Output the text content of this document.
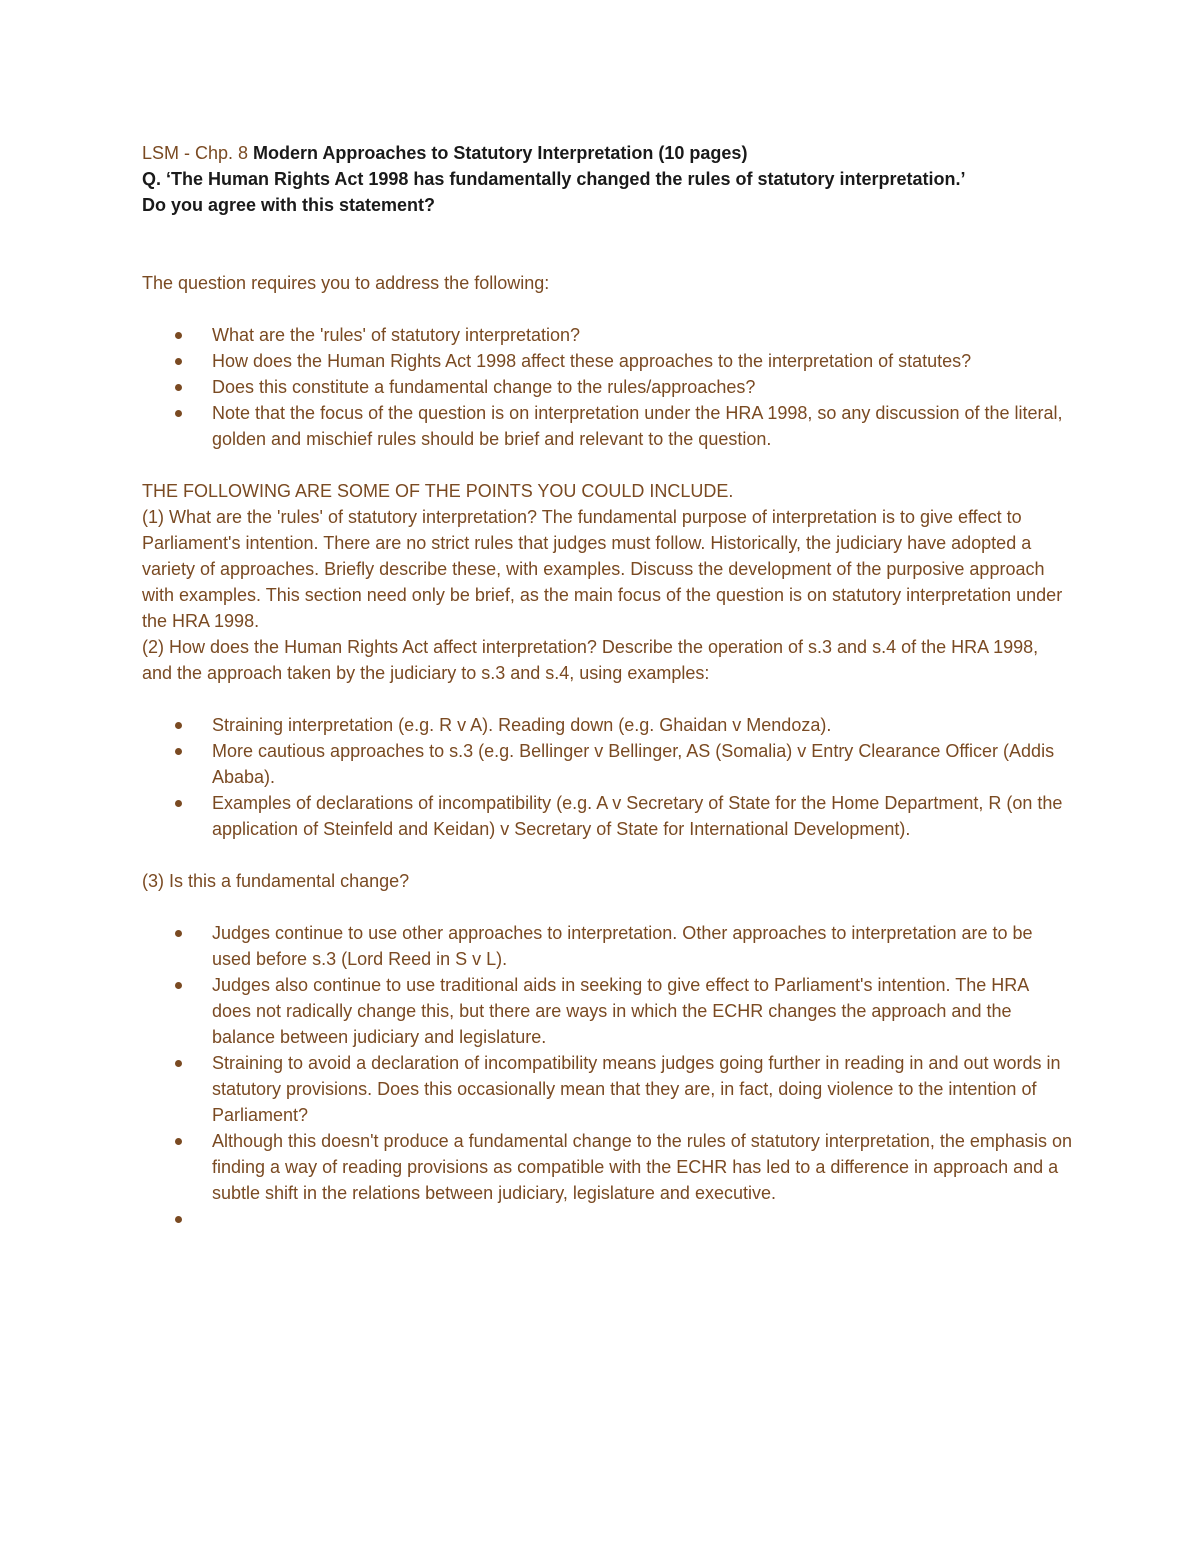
LSM - Chp. 8 Modern Approaches to Statutory Interpretation (10 pages)

Q. ‘The Human Rights Act 1998 has fundamentally changed the rules of statutory interpretation.’

Do you agree with this statement?

The question requires you to address the following:

What are the 'rules' of statutory interpretation?
How does the Human Rights Act 1998 affect these approaches to the interpretation of statutes?
Does this constitute a fundamental change to the rules/approaches?
Note that the focus of the question is on interpretation under the HRA 1998, so any discussion of the literal, golden and mischief rules should be brief and relevant to the question.

THE FOLLOWING ARE SOME OF THE POINTS YOU COULD INCLUDE.

(1) What are the 'rules' of statutory interpretation? The fundamental purpose of interpretation is to give effect to Parliament's intention. There are no strict rules that judges must follow. Historically, the judiciary have adopted a variety of approaches. Briefly describe these, with examples. Discuss the development of the purposive approach with examples. This section need only be brief, as the main focus of the question is on statutory interpretation under the HRA 1998.

(2) How does the Human Rights Act affect interpretation? Describe the operation of s.3 and s.4 of the HRA 1998, and the approach taken by the judiciary to s.3 and s.4, using examples:

Straining interpretation (e.g. R v A). Reading down (e.g. Ghaidan v Mendoza).
More cautious approaches to s.3 (e.g. Bellinger v Bellinger, AS (Somalia) v Entry Clearance Officer (Addis Ababa).
Examples of declarations of incompatibility (e.g. A v Secretary of State for the Home Department, R (on the application of Steinfeld and Keidan) v Secretary of State for International Development).

(3) Is this a fundamental change?

Judges continue to use other approaches to interpretation. Other approaches to interpretation are to be used before s.3 (Lord Reed in S v L).
Judges also continue to use traditional aids in seeking to give effect to Parliament's intention. The HRA does not radically change this, but there are ways in which the ECHR changes the approach and the balance between judiciary and legislature.
Straining to avoid a declaration of incompatibility means judges going further in reading in and out words in statutory provisions. Does this occasionally mean that they are, in fact, doing violence to the intention of Parliament?
Although this doesn't produce a fundamental change to the rules of statutory interpretation, the emphasis on finding a way of reading provisions as compatible with the ECHR has led to a difference in approach and a subtle shift in the relations between judiciary, legislature and executive.
